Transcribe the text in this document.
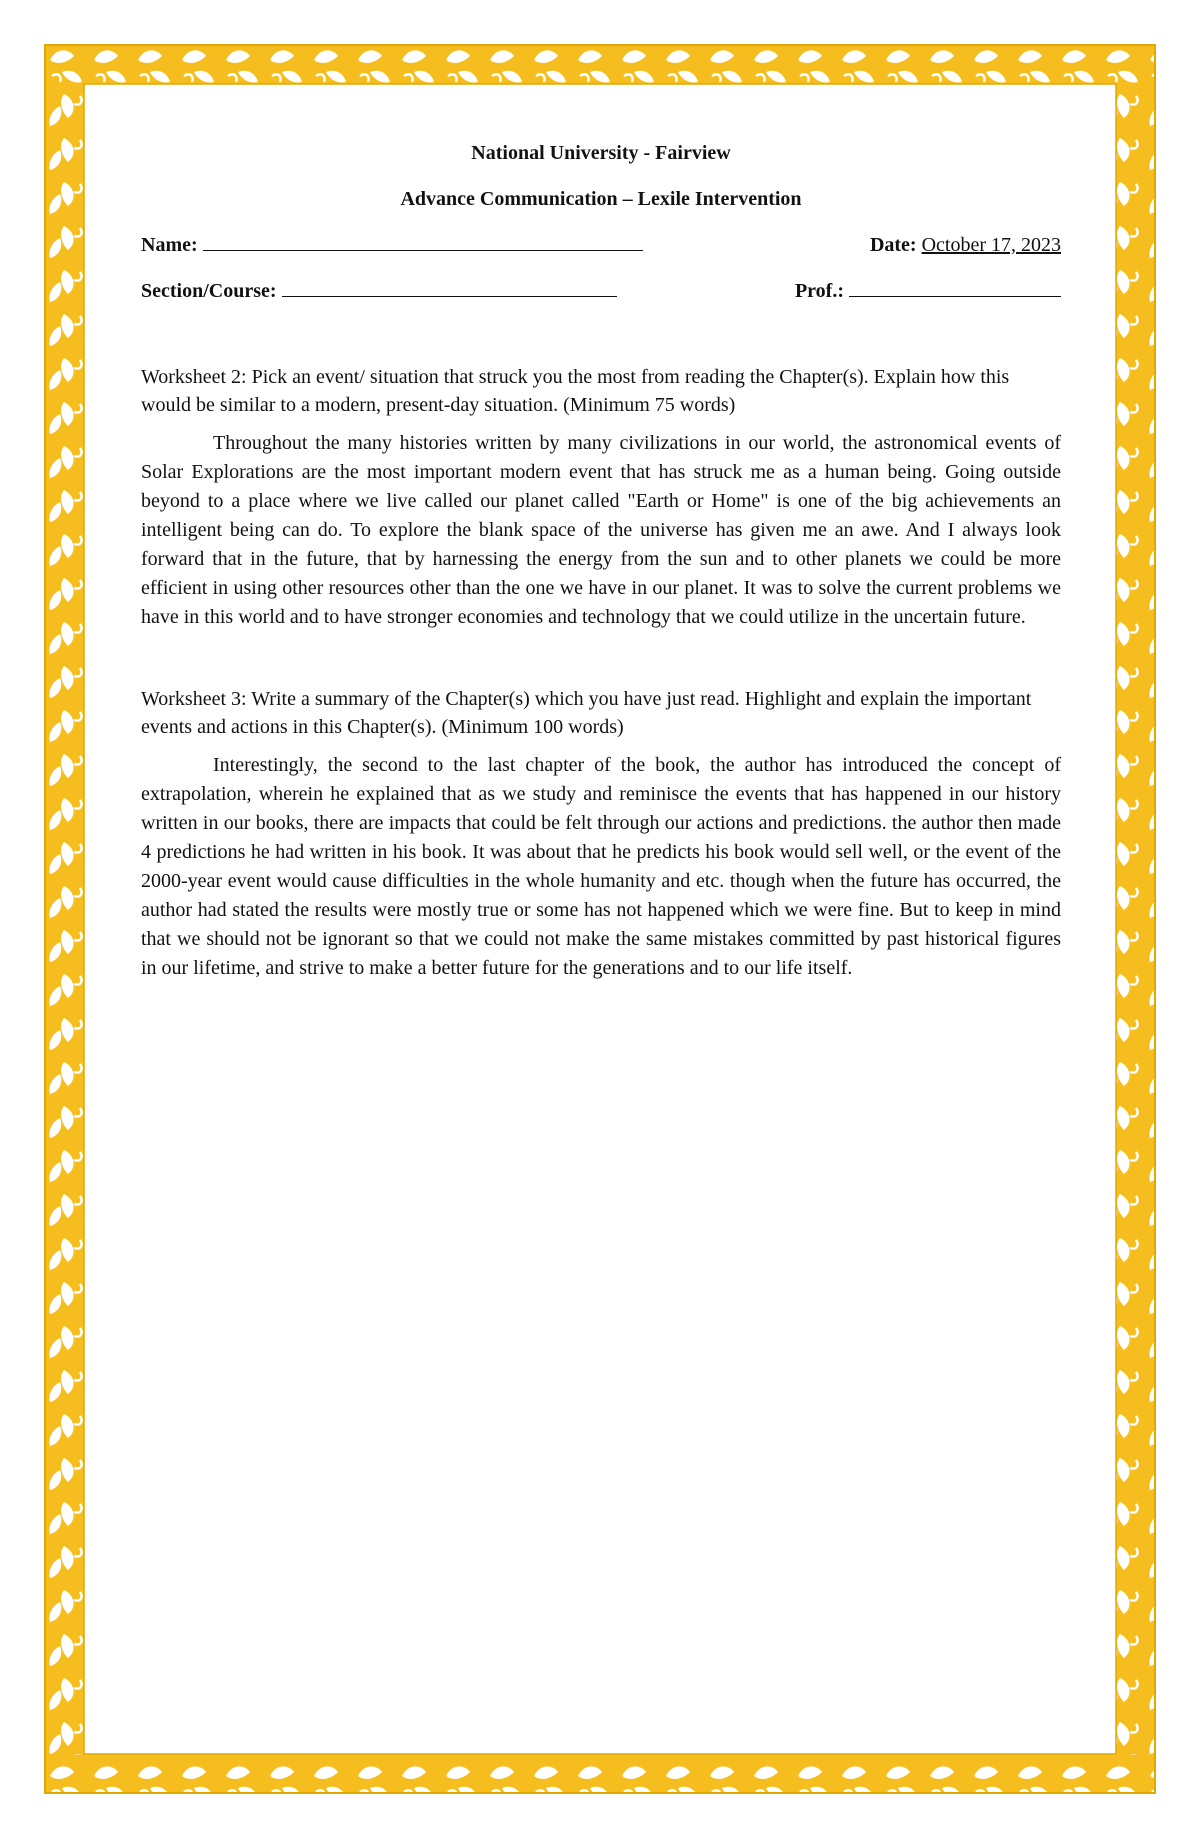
National University - Fairview

Advance Communication – Lexile Intervention

Name:	Date: October 17, 2023
Section/Course:	Prof.:

Worksheet 2: Pick an event/ situation that struck you the most from reading the Chapter(s). Explain how this would be similar to a modern, present-day situation. (Minimum 75 words)

Throughout the many histories written by many civilizations in our world, the astronomical events of Solar Explorations are the most important modern event that has struck me as a human being. Going outside beyond to a place where we live called our planet called "Earth or Home" is one of the big achievements an intelligent being can do. To explore the blank space of the universe has given me an awe. And I always look forward that in the future, that by harnessing the energy from the sun and to other planets we could be more efficient in using other resources other than the one we have in our planet. It was to solve the current problems we have in this world and to have stronger economies and technology that we could utilize in the uncertain future.

Worksheet 3: Write a summary of the Chapter(s) which you have just read. Highlight and explain the important events and actions in this Chapter(s). (Minimum 100 words)

Interestingly, the second to the last chapter of the book, the author has introduced the concept of extrapolation, wherein he explained that as we study and reminisce the events that has happened in our history written in our books, there are impacts that could be felt through our actions and predictions. the author then made 4 predictions he had written in his book. It was about that he predicts his book would sell well, or the event of the 2000-year event would cause difficulties in the whole humanity and etc. though when the future has occurred, the author had stated the results were mostly true or some has not happened which we were fine. But to keep in mind that we should not be ignorant so that we could not make the same mistakes committed by past historical figures in our lifetime, and strive to make a better future for the generations and to our life itself.
